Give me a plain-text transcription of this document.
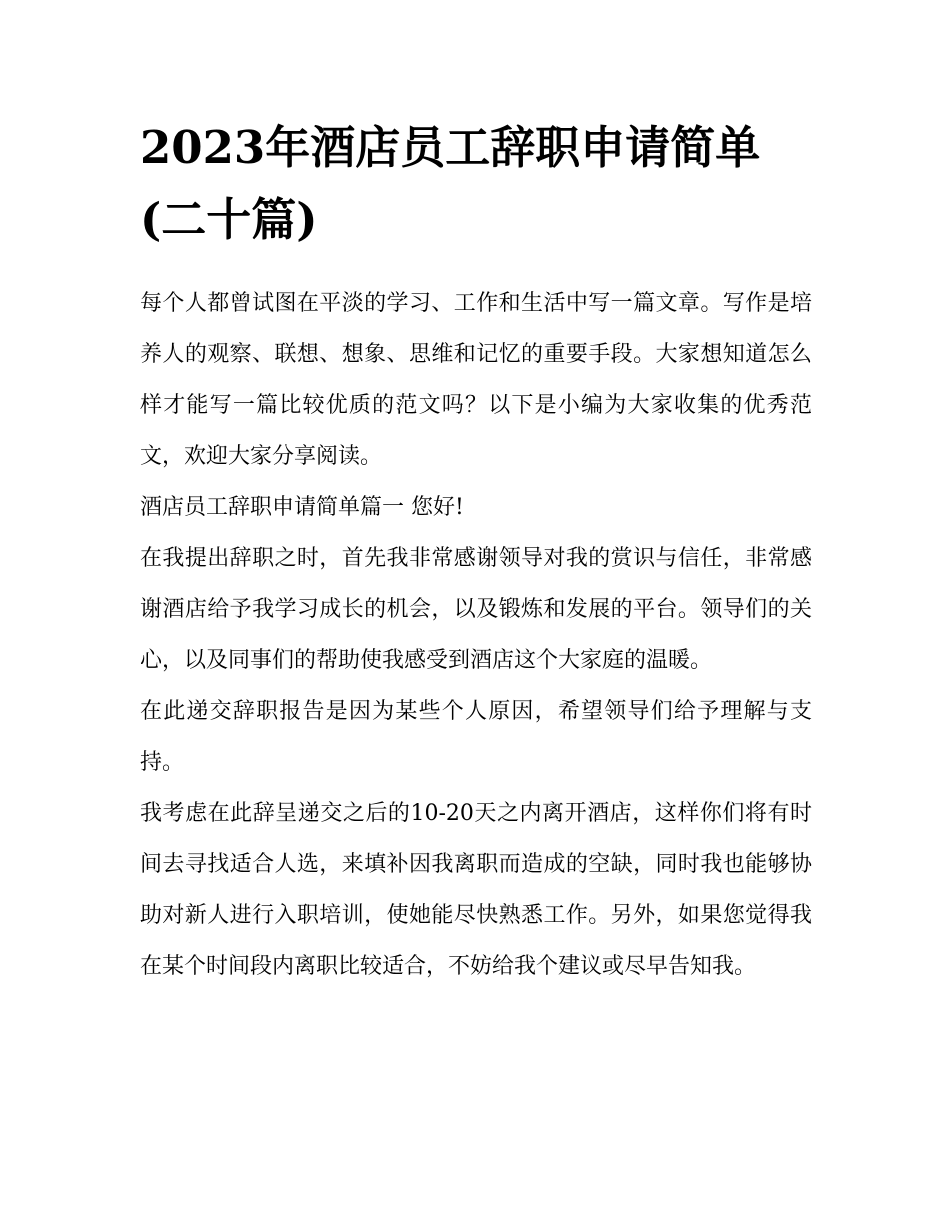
2023年酒店员工辞职申请简单(二十篇)

每个人都曾试图在平淡的学习、工作和生活中写一篇文章。写作是培养人的观察、联想、想象、思维和记忆的重要手段。大家想知道怎么样才能写一篇比较优质的范文吗？以下是小编为大家收集的优秀范文，欢迎大家分享阅读。

酒店员工辞职申请简单篇一 您好!

在我提出辞职之时，首先我非常感谢领导对我的赏识与信任，非常感谢酒店给予我学习成长的机会，以及锻炼和发展的平台。领导们的关心，以及同事们的帮助使我感受到酒店这个大家庭的温暖。

在此递交辞职报告是因为某些个人原因，希望领导们给予理解与支持。

我考虑在此辞呈递交之后的10-20天之内离开酒店，这样你们将有时间去寻找适合人选，来填补因我离职而造成的空缺，同时我也能够协助对新人进行入职培训，使她能尽快熟悉工作。另外，如果您觉得我在某个时间段内离职比较适合，不妨给我个建议或尽早告知我。
